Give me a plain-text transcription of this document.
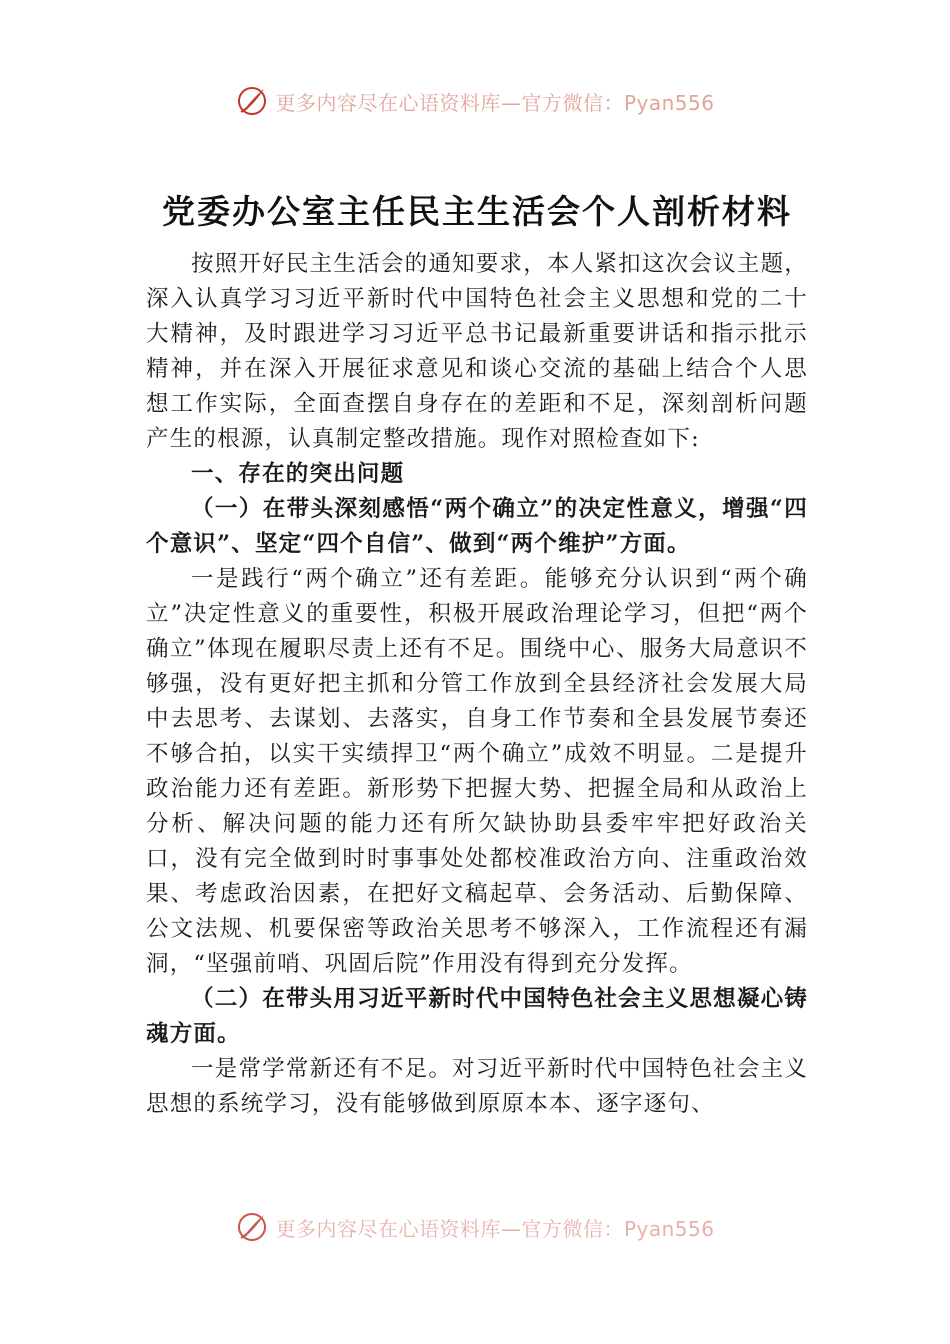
更多内容尽在心语资料库—官方微信：Pyan556
党委办公室主任民主生活会个人剖析材料

按照开好民主生活会的通知要求，本人紧扣这次会议主题，深入认真学习习近平新时代中国特色社会主义思想和党的二十大精神，及时跟进学习习近平总书记最新重要讲话和指示批示精神，并在深入开展征求意见和谈心交流的基础上结合个人思想工作实际，全面查摆自身存在的差距和不足，深刻剖析问题产生的根源，认真制定整改措施。现作对照检查如下:

一、存在的突出问题

（一）在带头深刻感悟“两个确立”的决定性意义，增强“四个意识”、坚定“四个自信”、做到“两个维护”方面。

一是践行“两个确立”还有差距。能够充分认识到“两个确立”决定性意义的重要性，积极开展政治理论学习，但把“两个确立”体现在履职尽责上还有不足。围绕中心、服务大局意识不够强，没有更好把主抓和分管工作放到全县经济社会发展大局中去思考、去谋划、去落实，自身工作节奏和全县发展节奏还不够合拍，以实干实绩捍卫“两个确立”成效不明显。二是提升政治能力还有差距。新形势下把握大势、把握全局和从政治上分析、解决问题的能力还有所欠缺协助县委牢牢把好政治关口，没有完全做到时时事事处处都校准政治方向、注重政治效果、考虑政治因素，在把好文稿起草、会务活动、后勤保障、公文法规、机要保密等政治关思考不够深入，工作流程还有漏洞，“坚强前哨、巩固后院”作用没有得到充分发挥。

（二）在带头用习近平新时代中国特色社会主义思想凝心铸魂方面。

一是常学常新还有不足。对习近平新时代中国特色社会主义思想的系统学习，没有能够做到原原本本、逐字逐句、

更多内容尽在心语资料库—官方微信：Pyan556
